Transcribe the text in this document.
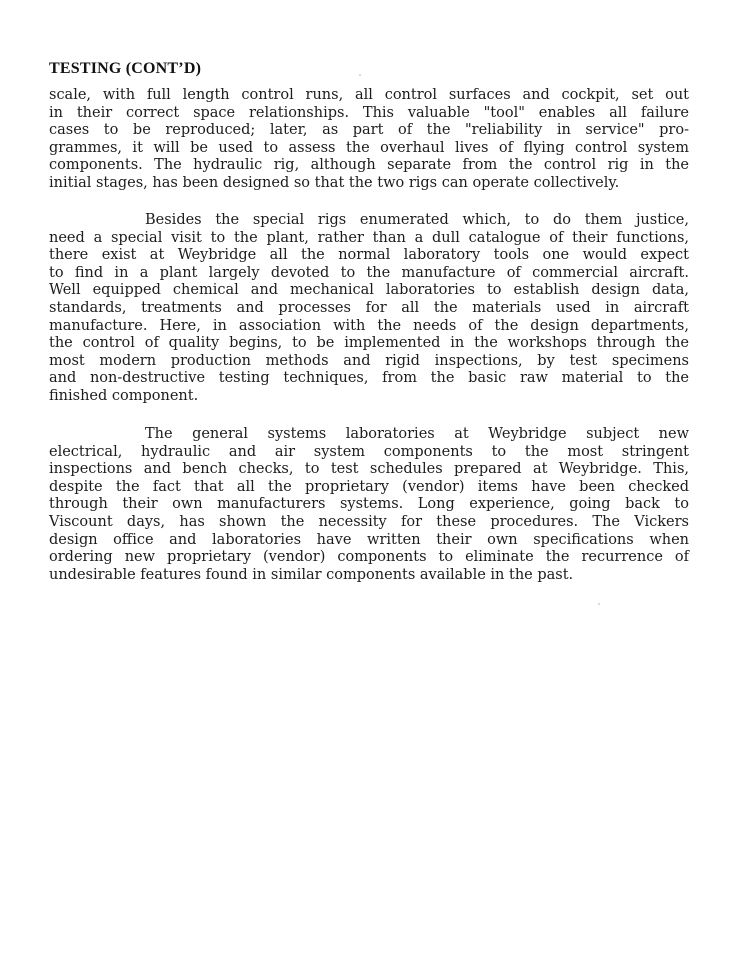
TESTING (CONT’D)
scale, with full length control runs, all control surfaces and cockpit, set out
in their correct space relationships. This valuable "tool" enables all failure
cases to be reproduced; later, as part of the "reliability in service" pro-
grammes, it will be used to assess the overhaul lives of flying control system
components. The hydraulic rig, although separate from the control rig in the
initial stages, has been designed so that the two rigs can operate collectively.
Besides the special rigs enumerated which, to do them justice,
need a special visit to the plant, rather than a dull catalogue of their functions,
there exist at Weybridge all the normal laboratory tools one would expect
to find in a plant largely devoted to the manufacture of commercial aircraft.
Well equipped chemical and mechanical laboratories to establish design data,
standards, treatments and processes for all the materials used in aircraft
manufacture. Here, in association with the needs of the design departments,
the control of quality begins, to be implemented in the workshops through the
most modern production methods and rigid inspections, by test specimens
and non-destructive testing techniques, from the basic raw material to the
finished component.
The general systems laboratories at Weybridge subject new
electrical, hydraulic and air system components to the most stringent
inspections and bench checks, to test schedules prepared at Weybridge. This,
despite the fact that all the proprietary (vendor) items have been checked
through their own manufacturers systems. Long experience, going back to
Viscount days, has shown the necessity for these procedures. The Vickers
design office and laboratories have written their own specifications when
ordering new proprietary (vendor) components to eliminate the recurrence of
undesirable features found in similar components available in the past.
